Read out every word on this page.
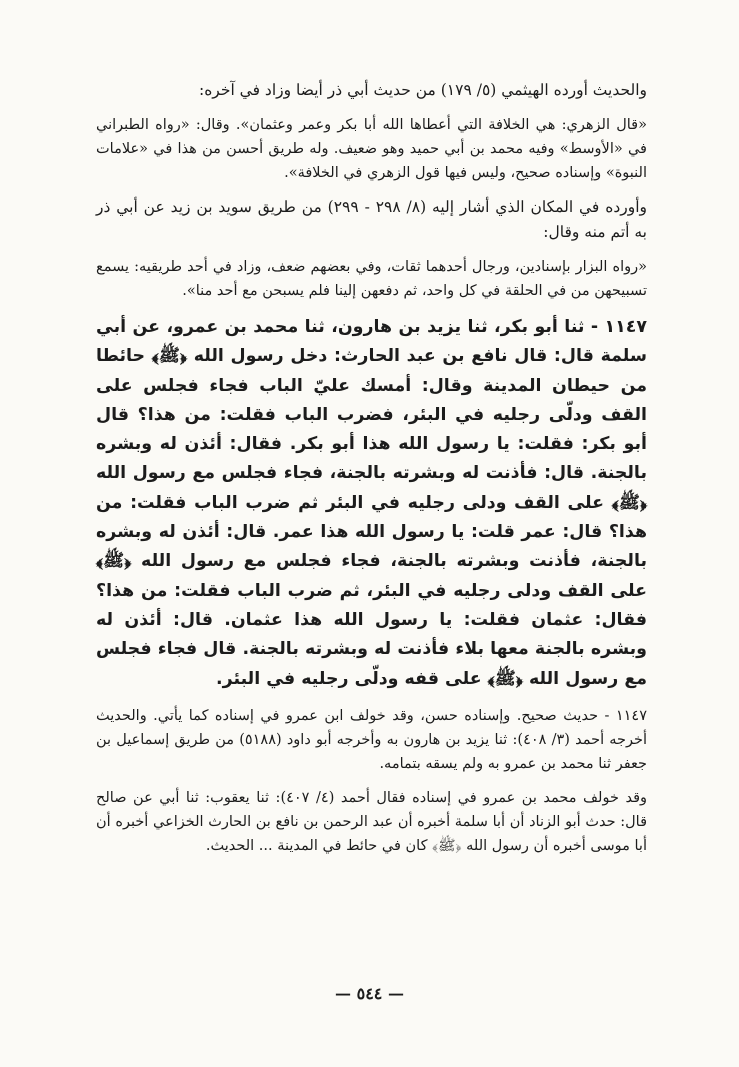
والحديث أورده الهيثمي (٥/ ١٧٩) من حديث أبي ذر أيضا وزاد في آخره:

«قال الزهري: هي الخلافة التي أعطاها الله أبا بكر وعمر وعثمان». وقال: «رواه الطبراني في «الأوسط» وفيه محمد بن أبي حميد وهو ضعيف. وله طريق أحسن من هذا في «علامات النبوة» وإسناده صحيح، وليس فيها قول الزهري في الخلافة».

وأورده في المكان الذي أشار إليه (٨/ ٢٩٨ - ٢٩٩) من طريق سويد بن زيد عن أبي ذر به أتم منه وقال:

«رواه البزار بإسنادين، ورجال أحدهما ثقات، وفي بعضهم ضعف، وزاد في أحد طريقيه: يسمع تسبيحهن من في الحلقة في كل واحد، ثم دفعهن إلينا فلم يسبحن مع أحد منا».

١١٤٧ - ثنا أبو بكر، ثنا يزيد بن هارون، ثنا محمد بن عمرو، عن أبي سلمة قال: قال نافع بن عبد الحارث: دخل رسول الله ﴿ﷺ﴾ حائطا من حيطان المدينة وقال: أمسك عليّ الباب فجاء فجلس على القف ودلّى رجليه في البئر، فضرب الباب فقلت: من هذا؟ قال أبو بكر: فقلت: يا رسول الله هذا أبو بكر. فقال: أئذن له وبشره بالجنة. قال: فأذنت له وبشرته بالجنة، فجاء فجلس مع رسول الله ﴿ﷺ﴾ على القف ودلى رجليه في البئر ثم ضرب الباب فقلت: من هذا؟ قال: عمر قلت: يا رسول الله هذا عمر. قال: أئذن له وبشره بالجنة، فأذنت وبشرته بالجنة، فجاء فجلس مع رسول الله ﴿ﷺ﴾ على القف ودلى رجليه في البئر، ثم ضرب الباب فقلت: من هذا؟ فقال: عثمان فقلت: يا رسول الله هذا عثمان. قال: أئذن له وبشره بالجنة معها بلاء فأذنت له وبشرته بالجنة. قال فجاء فجلس مع رسول الله ﴿ﷺ﴾ على قفه ودلّى رجليه في البئر.

١١٤٧ - حديث صحيح. وإسناده حسن، وقد خولف ابن عمرو في إسناده كما يأتي. والحديث أخرجه أحمد (٣/ ٤٠٨): ثنا يزيد بن هارون به وأخرجه أبو داود (٥١٨٨) من طريق إسماعيل بن جعفر ثنا محمد بن عمرو به ولم يسقه بتمامه.

وقد خولف محمد بن عمرو في إسناده فقال أحمد (٤/ ٤٠٧): ثنا يعقوب: ثنا أبي عن صالح قال: حدث أبو الزناد أن أبا سلمة أخبره أن عبد الرحمن بن نافع بن الحارث الخزاعي أخبره أن أبا موسى أخبره أن رسول الله ﴿ﷺ﴾ كان في حائط في المدينة ... الحديث.

— ٥٤٤ —
